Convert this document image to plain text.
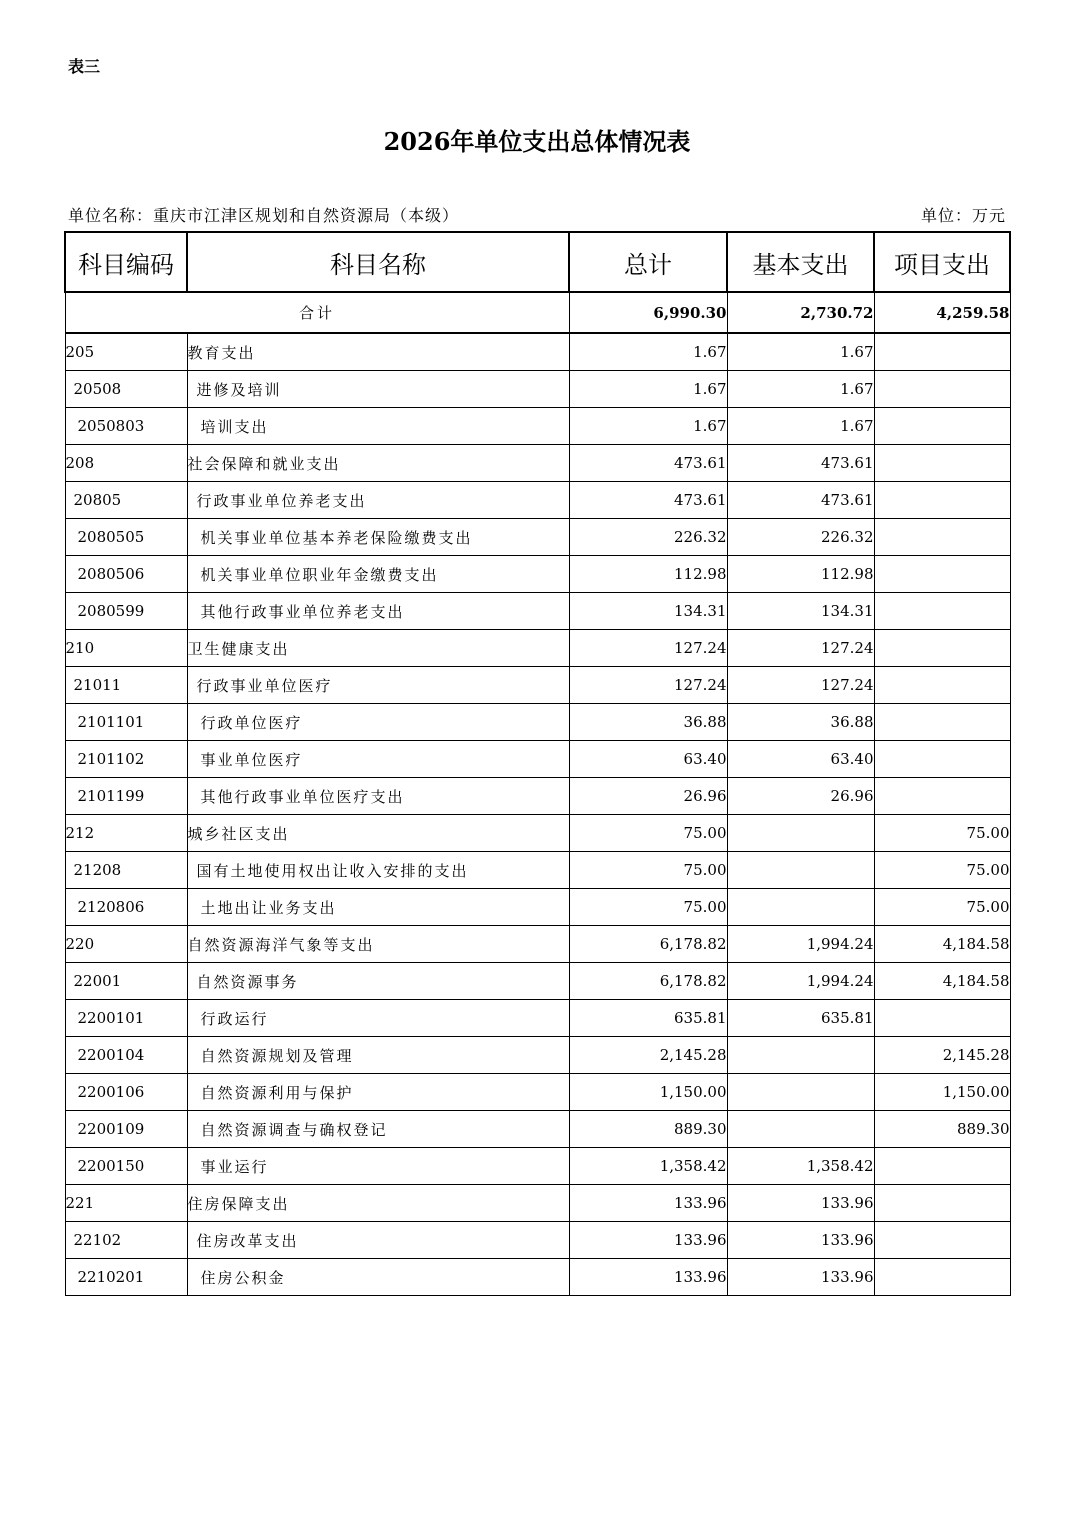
表三
2026年单位支出总体情况表
单位名称：重庆市江津区规划和自然资源局（本级）	单位：万元
科目编码	科目名称	总计	基本支出	项目支出
合计		6,990.30	2,730.72	4,259.58
205	教育支出	1.67	1.67	
20508	进修及培训	1.67	1.67	
2050803	培训支出	1.67	1.67	
208	社会保障和就业支出	473.61	473.61	
20805	行政事业单位养老支出	473.61	473.61	
2080505	机关事业单位基本养老保险缴费支出	226.32	226.32	
2080506	机关事业单位职业年金缴费支出	112.98	112.98	
2080599	其他行政事业单位养老支出	134.31	134.31	
210	卫生健康支出	127.24	127.24	
21011	行政事业单位医疗	127.24	127.24	
2101101	行政单位医疗	36.88	36.88	
2101102	事业单位医疗	63.40	63.40	
2101199	其他行政事业单位医疗支出	26.96	26.96	
212	城乡社区支出	75.00		75.00
21208	国有土地使用权出让收入安排的支出	75.00		75.00
2120806	土地出让业务支出	75.00		75.00
220	自然资源海洋气象等支出	6,178.82	1,994.24	4,184.58
22001	自然资源事务	6,178.82	1,994.24	4,184.58
2200101	行政运行	635.81	635.81	
2200104	自然资源规划及管理	2,145.28		2,145.28
2200106	自然资源利用与保护	1,150.00		1,150.00
2200109	自然资源调查与确权登记	889.30		889.30
2200150	事业运行	1,358.42	1,358.42	
221	住房保障支出	133.96	133.96	
22102	住房改革支出	133.96	133.96	
2210201	住房公积金	133.96	133.96	
